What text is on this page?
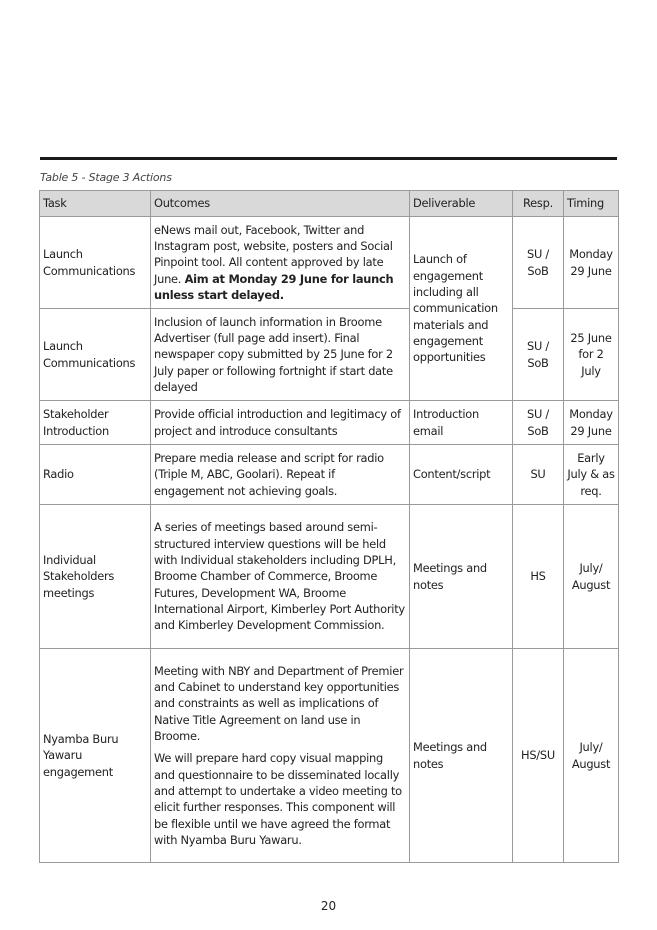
Table 5 - Stage 3 Actions
Task	Outcomes	Deliverable	Resp.	Timing
Launch Communications	eNews mail out, Facebook, Twitter and Instagram post, website, posters and Social Pinpoint tool. All content approved by late June. Aim at Monday 29 June for launch unless start delayed.	Launch of engagement including all communication materials and engagement opportunities	SU / SoB	Monday 29 June
Launch Communications	Inclusion of launch information in Broome Advertiser (full page add insert). Final newspaper copy submitted by 25 June for 2 July paper or following fortnight if start date delayed		SU / SoB	25 June for 2 July
Stakeholder Introduction	Provide official introduction and legitimacy of project and introduce consultants	Introduction email	SU / SoB	Monday 29 June
Radio	Prepare media release and script for radio (Triple M, ABC, Goolari). Repeat if engagement not achieving goals.	Content/script	SU	Early July & as req.
Individual Stakeholders meetings	A series of meetings based around semi-structured interview questions will be held with Individual stakeholders including DPLH, Broome Chamber of Commerce, Broome Futures, Development WA, Broome International Airport, Kimberley Port Authority and Kimberley Development Commission.	Meetings and notes	HS	July/ August
Nyamba Buru Yawaru engagement	Meeting with NBY and Department of Premier and Cabinet to understand key opportunities and constraints as well as implications of Native Title Agreement on land use in Broome.

We will prepare hard copy visual mapping and questionnaire to be disseminated locally and attempt to undertake a video meeting to elicit further responses. This component will be flexible until we have agreed the format with Nyamba Buru Yawaru.	Meetings and notes	HS/SU	July/ August
20
